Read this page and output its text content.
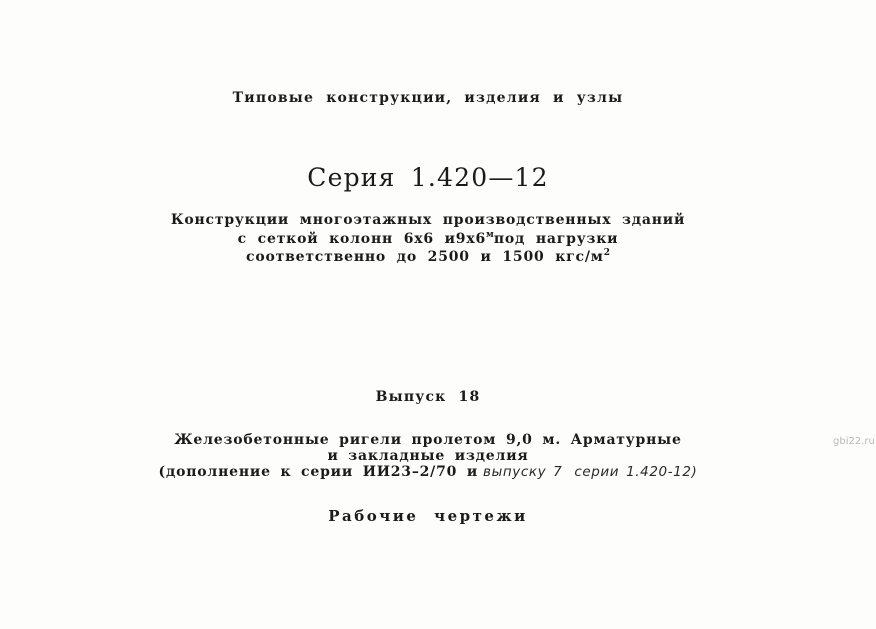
Типовые конструкции, изделия и узлы
Серия 1.420—12
Конструкции многоэтажных производственных зданий
с сеткой колонн 6х6 и9х6мпод нагрузки
соответственно до 2500 и 1500 кгс/м2
Выпуск 18
Железобетонные ригели пролетом 9,0 м. Арматурные
и закладные изделия
(дополнение к серии ИИ23–2/70 и выпуску 7 серии 1.420-12)
Рабочие чертежи
gbi22.ru
